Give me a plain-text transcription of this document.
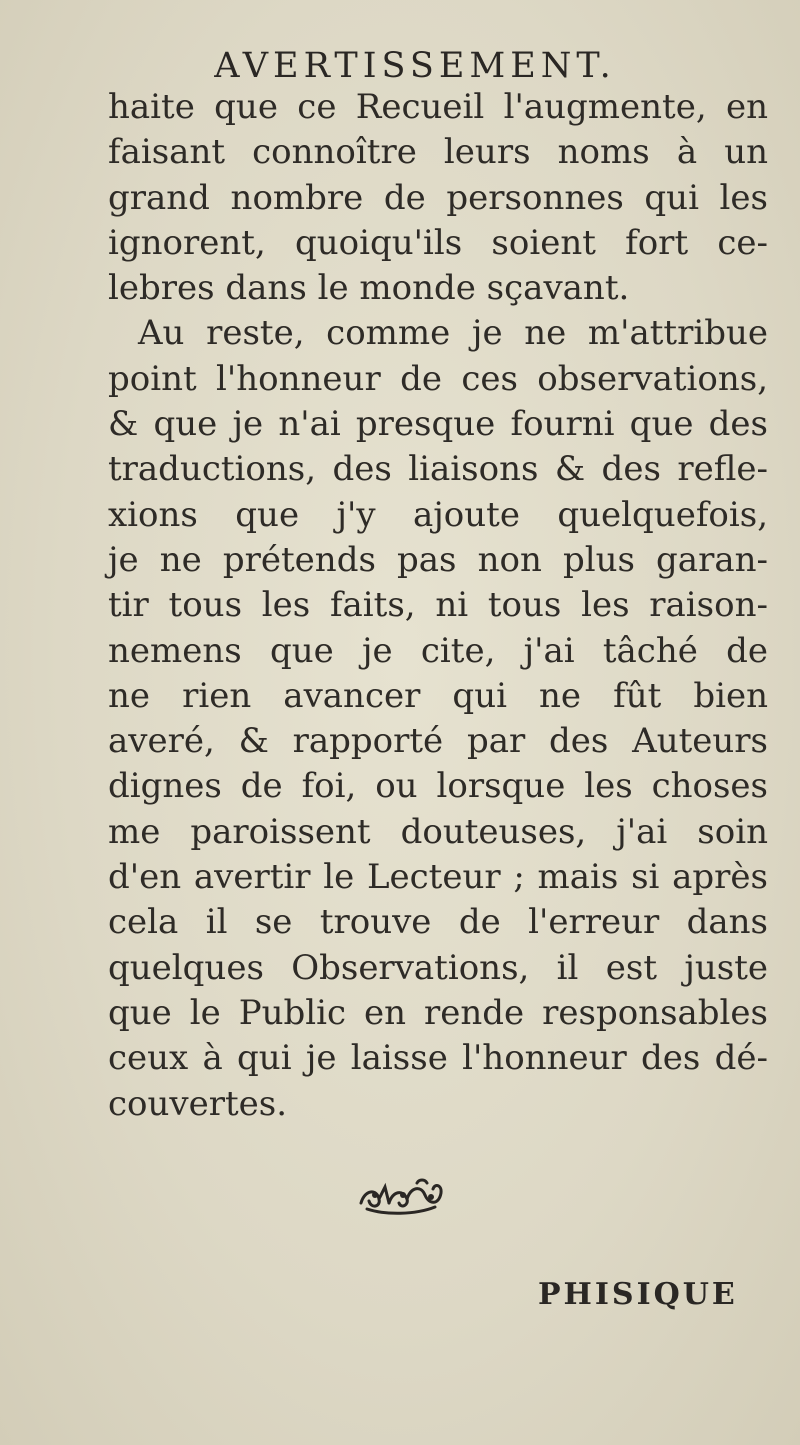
AVERTISSEMENT.
haite que ce Recueil l'augmente, en
faisant connoître leurs noms à un
grand nombre de personnes qui les
ignorent, quoiqu'ils soient fort ce-
lebres dans le monde sçavant.
Au reste, comme je ne m'attribue
point l'honneur de ces observations,
& que je n'ai presque fourni que des
traductions, des liaisons & des refle-
xions que j'y ajoute quelquefois,
je ne prétends pas non plus garan-
tir tous les faits, ni tous les raison-
nemens que je cite, j'ai tâché de
ne rien avancer qui ne fût bien
averé, & rapporté par des Auteurs
dignes de foi, ou lorsque les choses
me paroissent douteuses, j'ai soin
d'en avertir le Lecteur ; mais si après
cela il se trouve de l'erreur dans
quelques Observations, il est juste
que le Public en rende responsables
ceux à qui je laisse l'honneur des dé-
couvertes.
PHISIQUE
